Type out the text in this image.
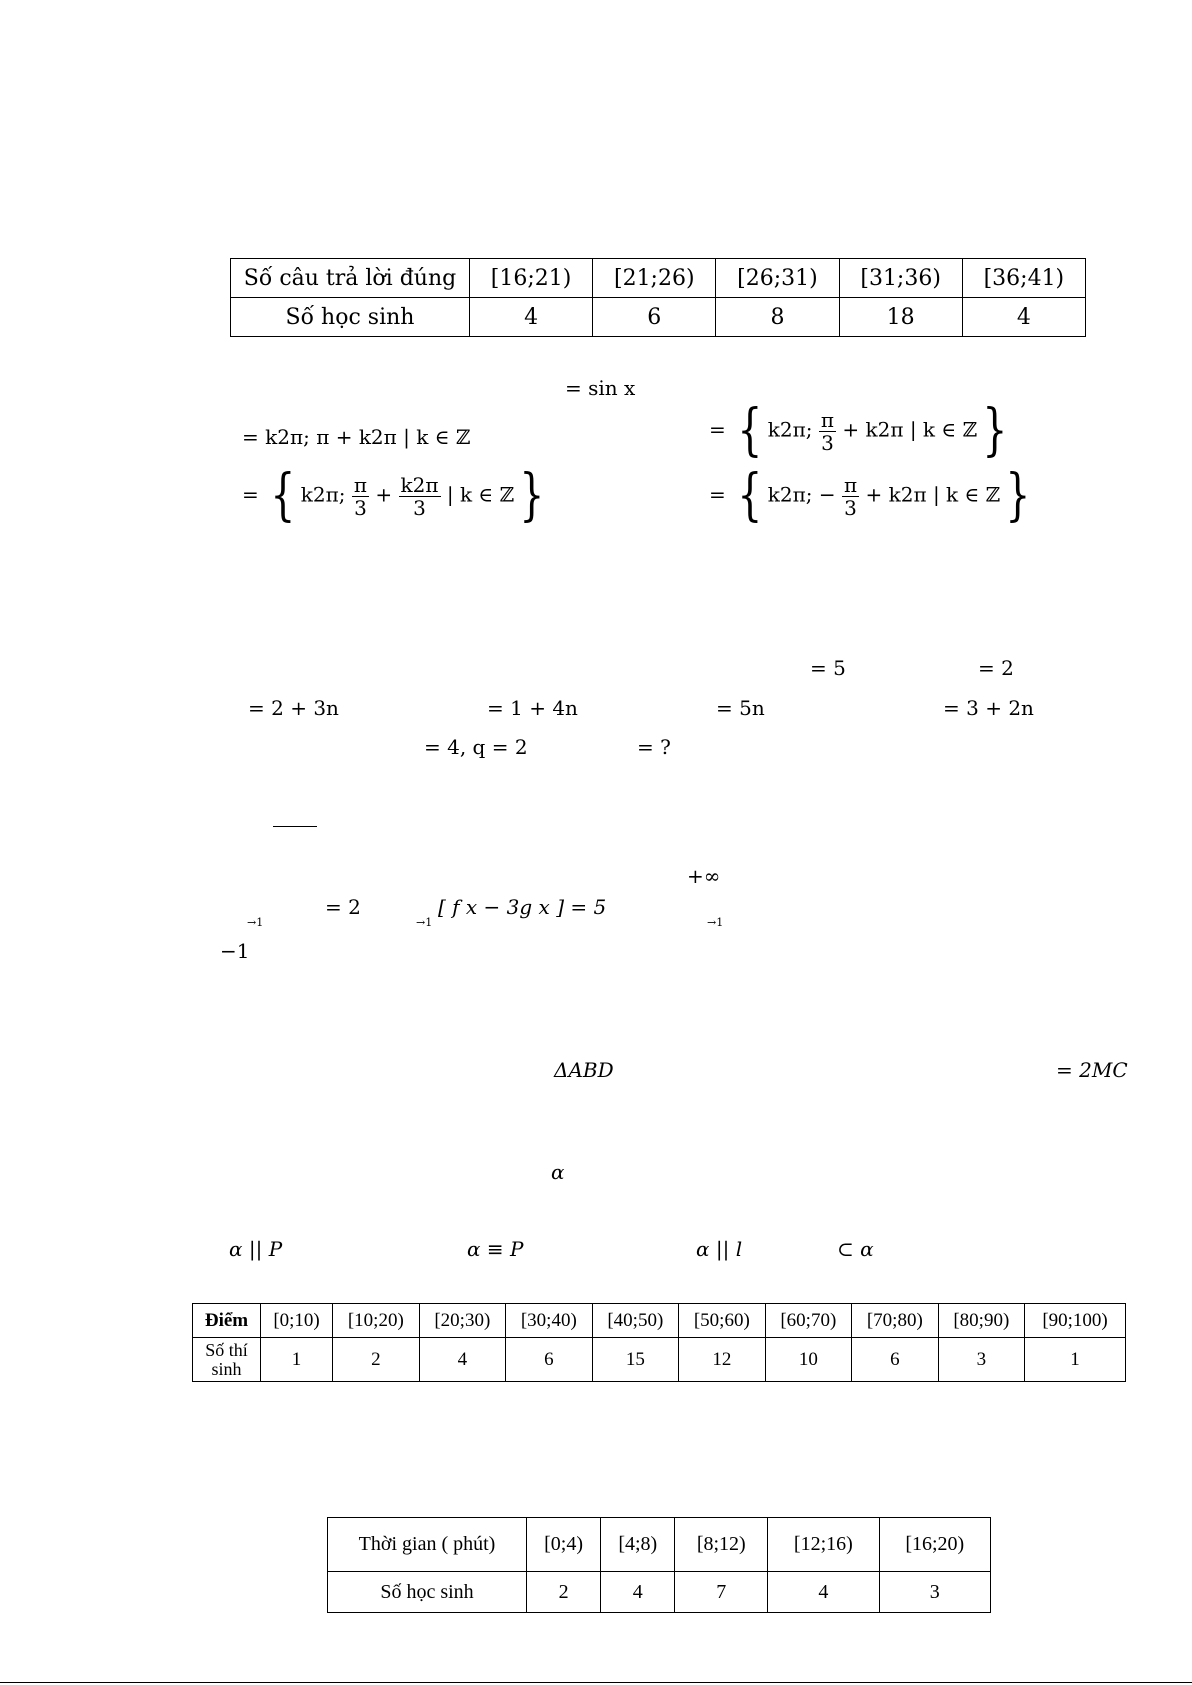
Số câu trả lời đúng	[16;21)	[21;26)	[26;31)	[31;36)	[36;41)
Số học sinh	4	6	8	18	4
= sin x
= k2π; π + k2π | k ∈ ℤ	= { k2π; $\frac{\pi}{3} + k2\pi$ | k ∈ ℤ}
= { k2π; $\frac{\pi}{3} + \frac{k2\pi}{3}$ | k ∈ ℤ}	= { k2π; − $\frac{\pi}{3} + k2\pi$ | k ∈ ℤ}
= 5	= 2
= 2 + 3n	= 1 + 4n	= 5n	= 3 + 2n
= 4, q = 2	= ?
+∞
→1
= 2
→1
[ f x − 3g x ] = 5
→1
−1
ΔABD	= 2MC
α
α || P	α ≡ P	α || l	⊂ α
Điểm	[0;10)	[10;20)	[20;30)	[30;40)	[40;50)	[50;60)	[60;70)	[70;80)	[80;90)	[90;100)
Số thí sinh	1	2	4	6	15	12	10	6	3	1
Thời gian ( phút)	[0;4)	[4;8)	[8;12)	[12;16)	[16;20)
Số học sinh	2	4	7	4	3
